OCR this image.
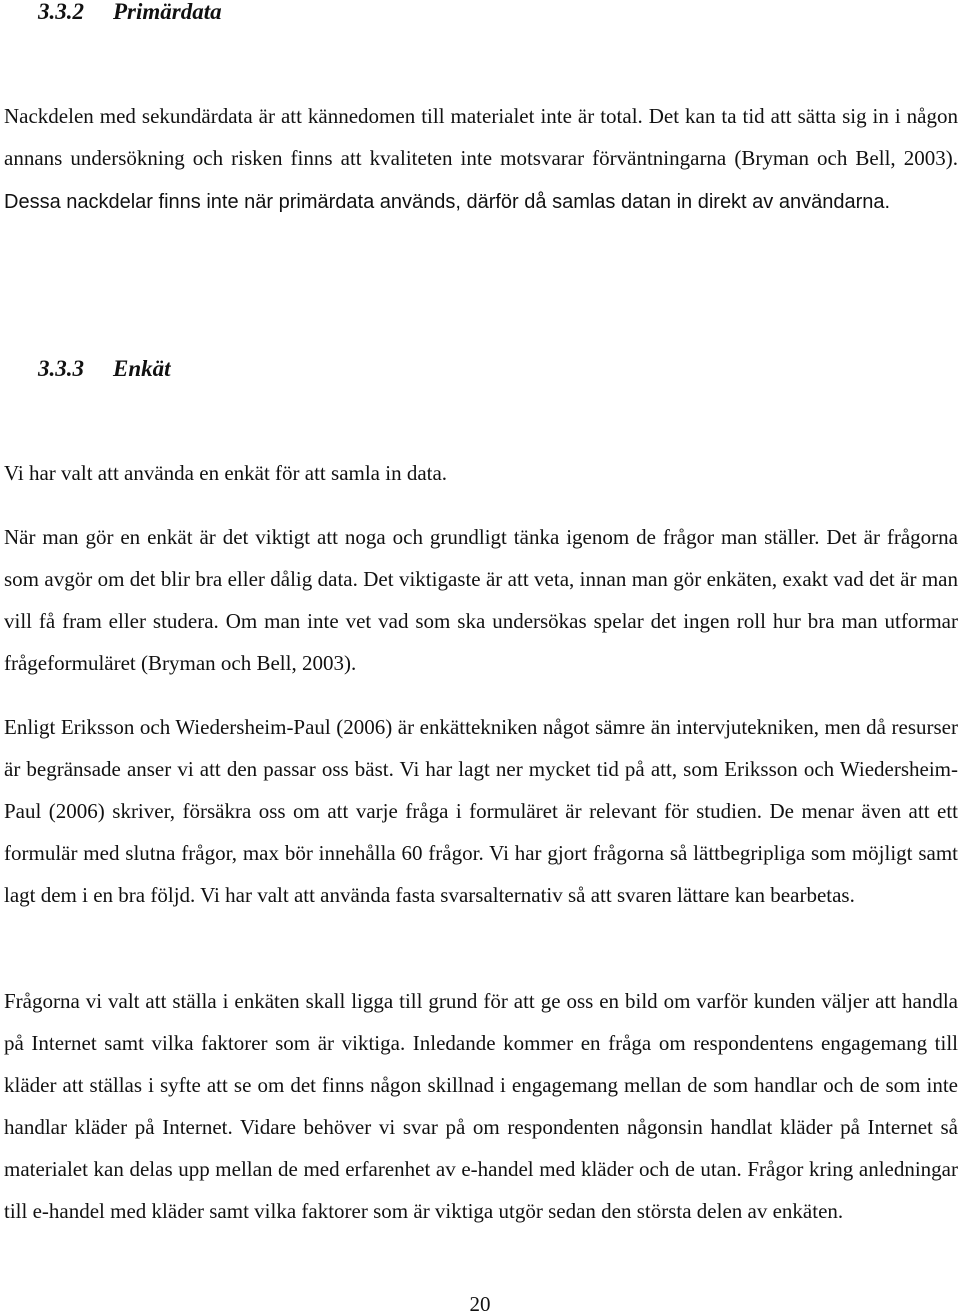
3.3.2 Primärdata

Nackdelen med sekundärdata är att kännedomen till materialet inte är total. Det kan ta tid att sätta sig in i någon annans undersökning och risken finns att kvaliteten inte motsvarar förväntningarna (Bryman och Bell, 2003). Dessa nackdelar finns inte när primärdata används, därför då samlas datan in direkt av användarna.

3.3.3 Enkät

Vi har valt att använda en enkät för att samla in data.

När man gör en enkät är det viktigt att noga och grundligt tänka igenom de frågor man ställer. Det är frågorna som avgör om det blir bra eller dålig data. Det viktigaste är att veta, innan man gör enkäten, exakt vad det är man vill få fram eller studera. Om man inte vet vad som ska undersökas spelar det ingen roll hur bra man utformar frågeformuläret (Bryman och Bell, 2003).

Enligt Eriksson och Wiedersheim-Paul (2006) är enkättekniken något sämre än intervjutekniken, men då resurser är begränsade anser vi att den passar oss bäst. Vi har lagt ner mycket tid på att, som Eriksson och Wiedersheim-Paul (2006) skriver, försäkra oss om att varje fråga i formuläret är relevant för studien. De menar även att ett formulär med slutna frågor, max bör innehålla 60 frågor. Vi har gjort frågorna så lättbegripliga som möjligt samt lagt dem i en bra följd. Vi har valt att använda fasta svarsalternativ så att svaren lättare kan bearbetas.

Frågorna vi valt att ställa i enkäten skall ligga till grund för att ge oss en bild om varför kunden väljer att handla på Internet samt vilka faktorer som är viktiga. Inledande kommer en fråga om respondentens engagemang till kläder att ställas i syfte att se om det finns någon skillnad i engagemang mellan de som handlar och de som inte handlar kläder på Internet. Vidare behöver vi svar på om respondenten någonsin handlat kläder på Internet så materialet kan delas upp mellan de med erfarenhet av e-handel med kläder och de utan. Frågor kring anledningar till e-handel med kläder samt vilka faktorer som är viktiga utgör sedan den största delen av enkäten.

20
